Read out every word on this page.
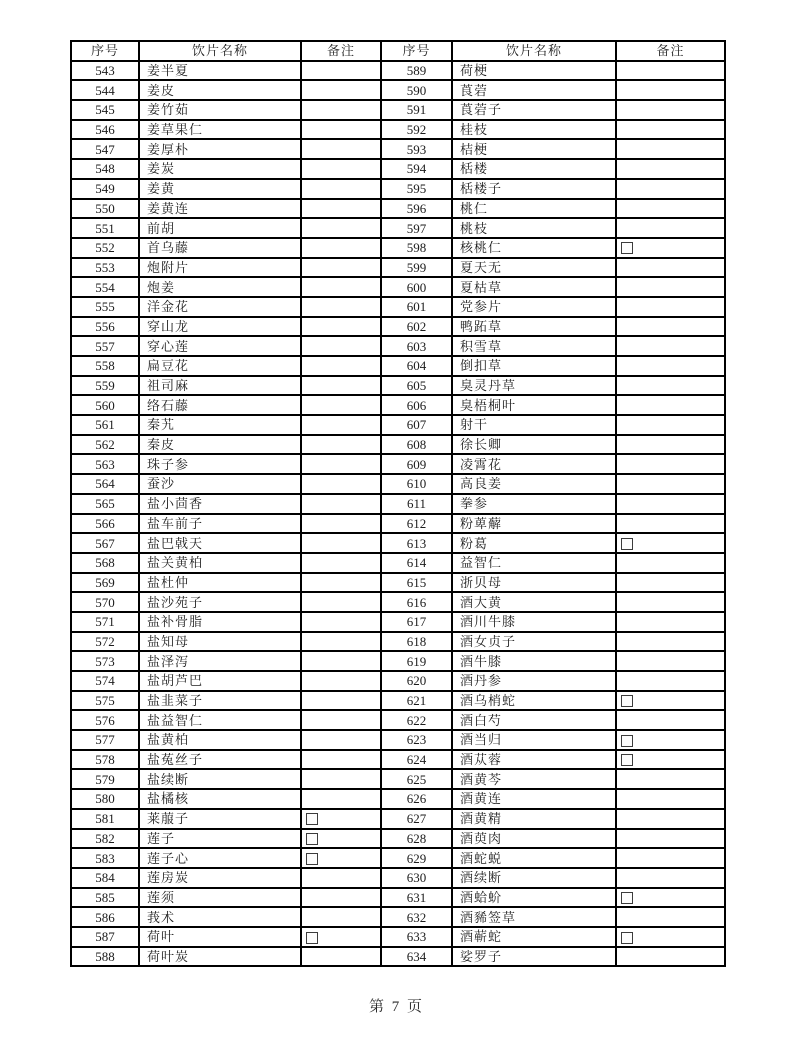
序号	饮片名称	备注	序号	饮片名称	备注
543	姜半夏		589	荷梗	
544	姜皮		590	莨菪	
545	姜竹茹		591	莨菪子	
546	姜草果仁		592	桂枝	
547	姜厚朴		593	桔梗	
548	姜炭		594	栝楼	
549	姜黄		595	栝楼子	
550	姜黄连		596	桃仁	
551	前胡		597	桃枝	
552	首乌藤		598	核桃仁	
553	炮附片		599	夏天无	
554	炮姜		600	夏枯草	
555	洋金花		601	党参片	
556	穿山龙		602	鸭跖草	
557	穿心莲		603	积雪草	
558	扁豆花		604	倒扣草	
559	祖司麻		605	臭灵丹草	
560	络石藤		606	臭梧桐叶	
561	秦艽		607	射干	
562	秦皮		608	徐长卿	
563	珠子参		609	凌霄花	
564	蚕沙		610	高良姜	
565	盐小茴香		611	拳参	
566	盐车前子		612	粉萆薢	
567	盐巴戟天		613	粉葛	
568	盐关黄柏		614	益智仁	
569	盐杜仲		615	浙贝母	
570	盐沙苑子		616	酒大黄	
571	盐补骨脂		617	酒川牛膝	
572	盐知母		618	酒女贞子	
573	盐泽泻		619	酒牛膝	
574	盐胡芦巴		620	酒丹参	
575	盐韭菜子		621	酒乌梢蛇	
576	盐益智仁		622	酒白芍	
577	盐黄柏		623	酒当归	
578	盐菟丝子		624	酒苁蓉	
579	盐续断		625	酒黄芩	
580	盐橘核		626	酒黄连	
581	莱菔子		627	酒黄精	
582	莲子		628	酒萸肉	
583	莲子心		629	酒蛇蜕	
584	莲房炭		630	酒续断	
585	莲须		631	酒蛤蚧	
586	莪术		632	酒豨签草	
587	荷叶		633	酒蕲蛇	
588	荷叶炭		634	娑罗子	
第 7 页
